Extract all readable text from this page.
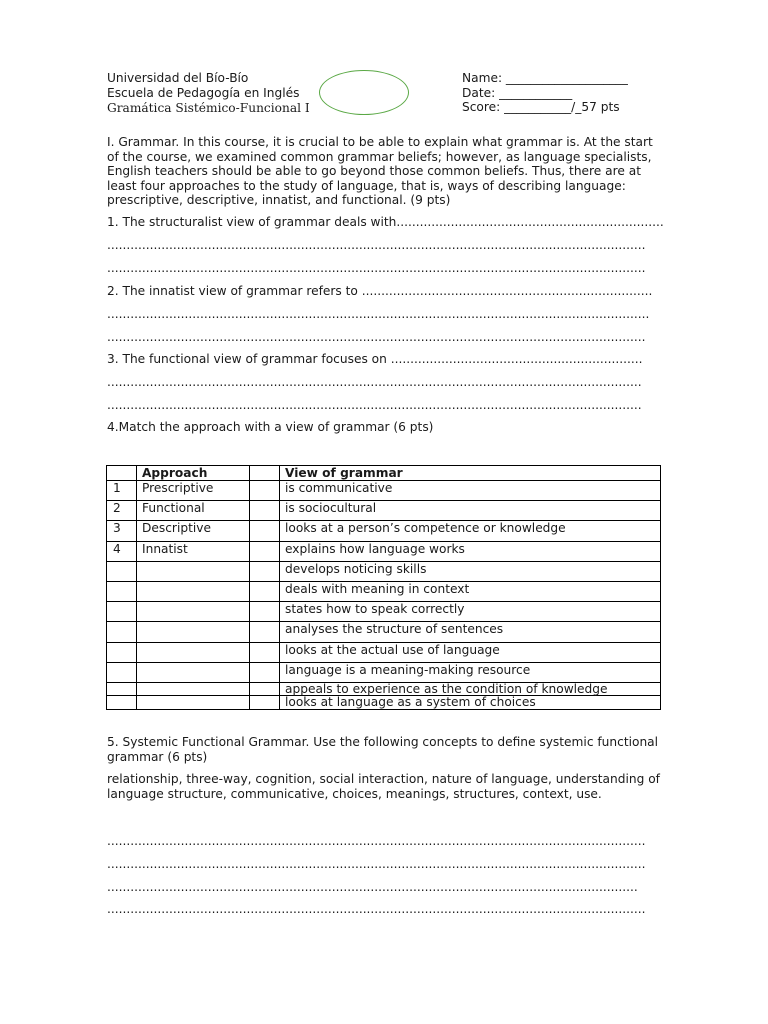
Universidad del Bío-Bío
Escuela de Pedagogía en Inglés
Gramática Sistémico-Funcional I
Name: ____________________
Date: ____________
Score: ___________/_57 pts
I. Grammar. In this course, it is crucial to be able to explain what grammar is. At the start of the course, we examined common grammar beliefs; however, as language specialists, English teachers should be able to go beyond those common beliefs. Thus, there are at least four approaches to the study of language, that is, ways of describing language: prescriptive, descriptive, innatist, and functional. (9 pts)
1. The structuralist view of grammar deals with.....................................................................
...........................................................................................................................................
...........................................................................................................................................
2. The innatist view of grammar refers to ...........................................................................
............................................................................................................................................
...........................................................................................................................................
3. The functional view of grammar focuses on .................................................................
..........................................................................................................................................
..........................................................................................................................................
4.Match the approach with a view of grammar (6 pts)
	Approach		View of grammar
1	Prescriptive		is communicative
2	Functional		is sociocultural
3	Descriptive		looks at a person’s competence or knowledge
4	Innatist		explains how language works
			develops noticing skills
			deals with meaning in context
			states how to speak correctly
			analyses the structure of sentences
			looks at the actual use of language
			language is a meaning-making resource
			appeals to experience as the condition of knowledge
			looks at language as a system of choices
5. Systemic Functional Grammar. Use the following concepts to define systemic functional grammar (6 pts)
relationship, three-way, cognition, social interaction, nature of language, understanding of language structure, communicative, choices, meanings, structures, context, use.
...........................................................................................................................................
...........................................................................................................................................
.........................................................................................................................................
...........................................................................................................................................
